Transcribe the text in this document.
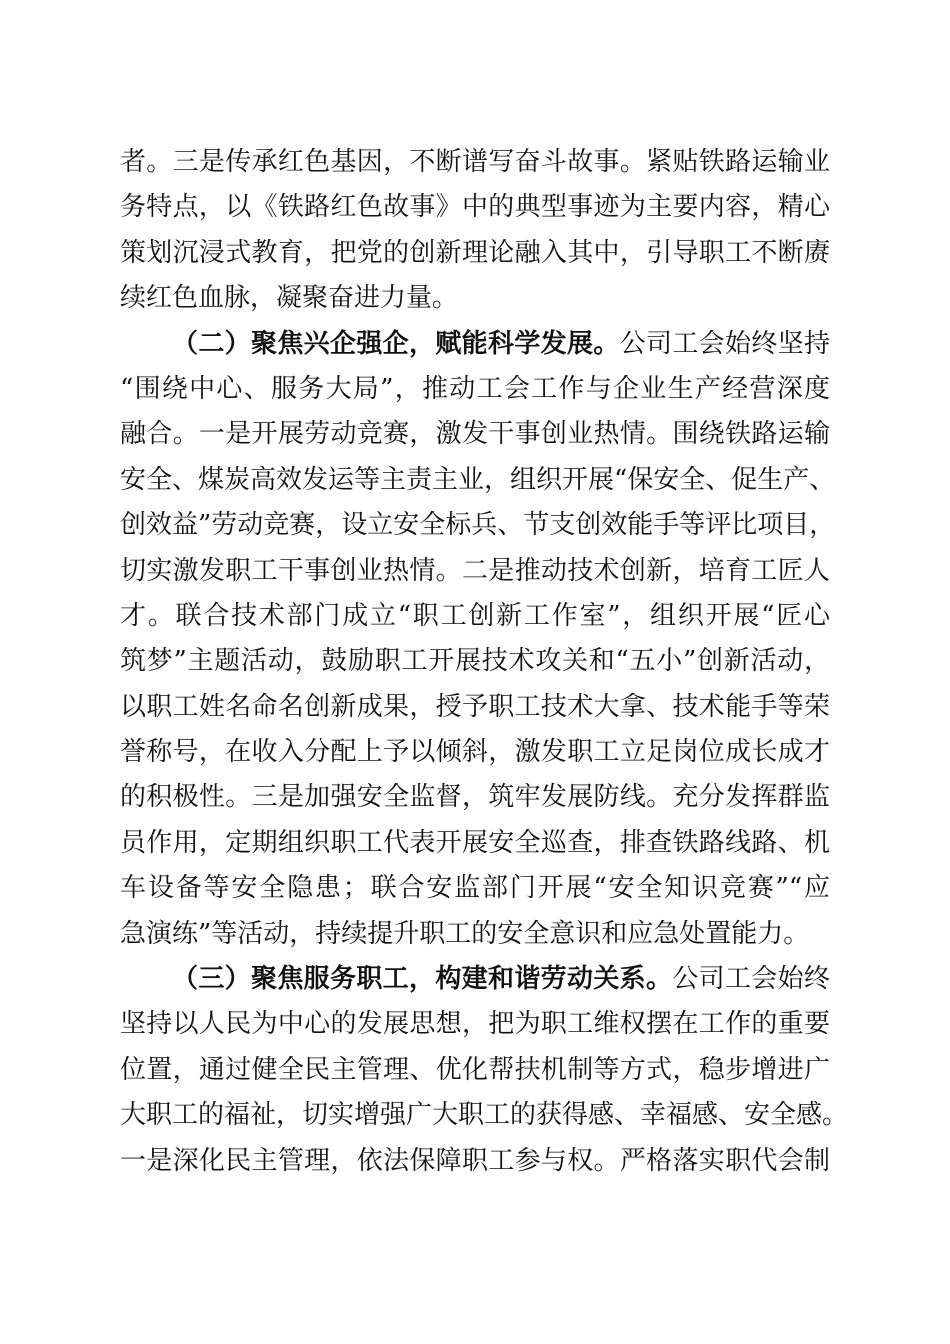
者。三是传承红色基因，不断谱写奋斗故事。紧贴铁路运输业
务特点，以《铁路红色故事》中的典型事迹为主要内容，精心
策划沉浸式教育，把党的创新理论融入其中，引导职工不断赓
续红色血脉，凝聚奋进力量。
（二）聚焦兴企强企，赋能科学发展。公司工会始终坚持
“围绕中心、服务大局”，推动工会工作与企业生产经营深度
融合。一是开展劳动竞赛，激发干事创业热情。围绕铁路运输
安全、煤炭高效发运等主责主业，组织开展“保安全、促生产、
创效益”劳动竞赛，设立安全标兵、节支创效能手等评比项目，
切实激发职工干事创业热情。二是推动技术创新，培育工匠人
才。联合技术部门成立“职工创新工作室”，组织开展“匠心
筑梦”主题活动，鼓励职工开展技术攻关和“五小”创新活动，
以职工姓名命名创新成果，授予职工技术大拿、技术能手等荣
誉称号，在收入分配上予以倾斜，激发职工立足岗位成长成才
的积极性。三是加强安全监督，筑牢发展防线。充分发挥群监
员作用，定期组织职工代表开展安全巡查，排查铁路线路、机
车设备等安全隐患；联合安监部门开展“安全知识竞赛”“应
急演练”等活动，持续提升职工的安全意识和应急处置能力。
（三）聚焦服务职工，构建和谐劳动关系。公司工会始终
坚持以人民为中心的发展思想，把为职工维权摆在工作的重要
位置，通过健全民主管理、优化帮扶机制等方式，稳步增进广
大职工的福祉，切实增强广大职工的获得感、幸福感、安全感。
一是深化民主管理，依法保障职工参与权。严格落实职代会制
